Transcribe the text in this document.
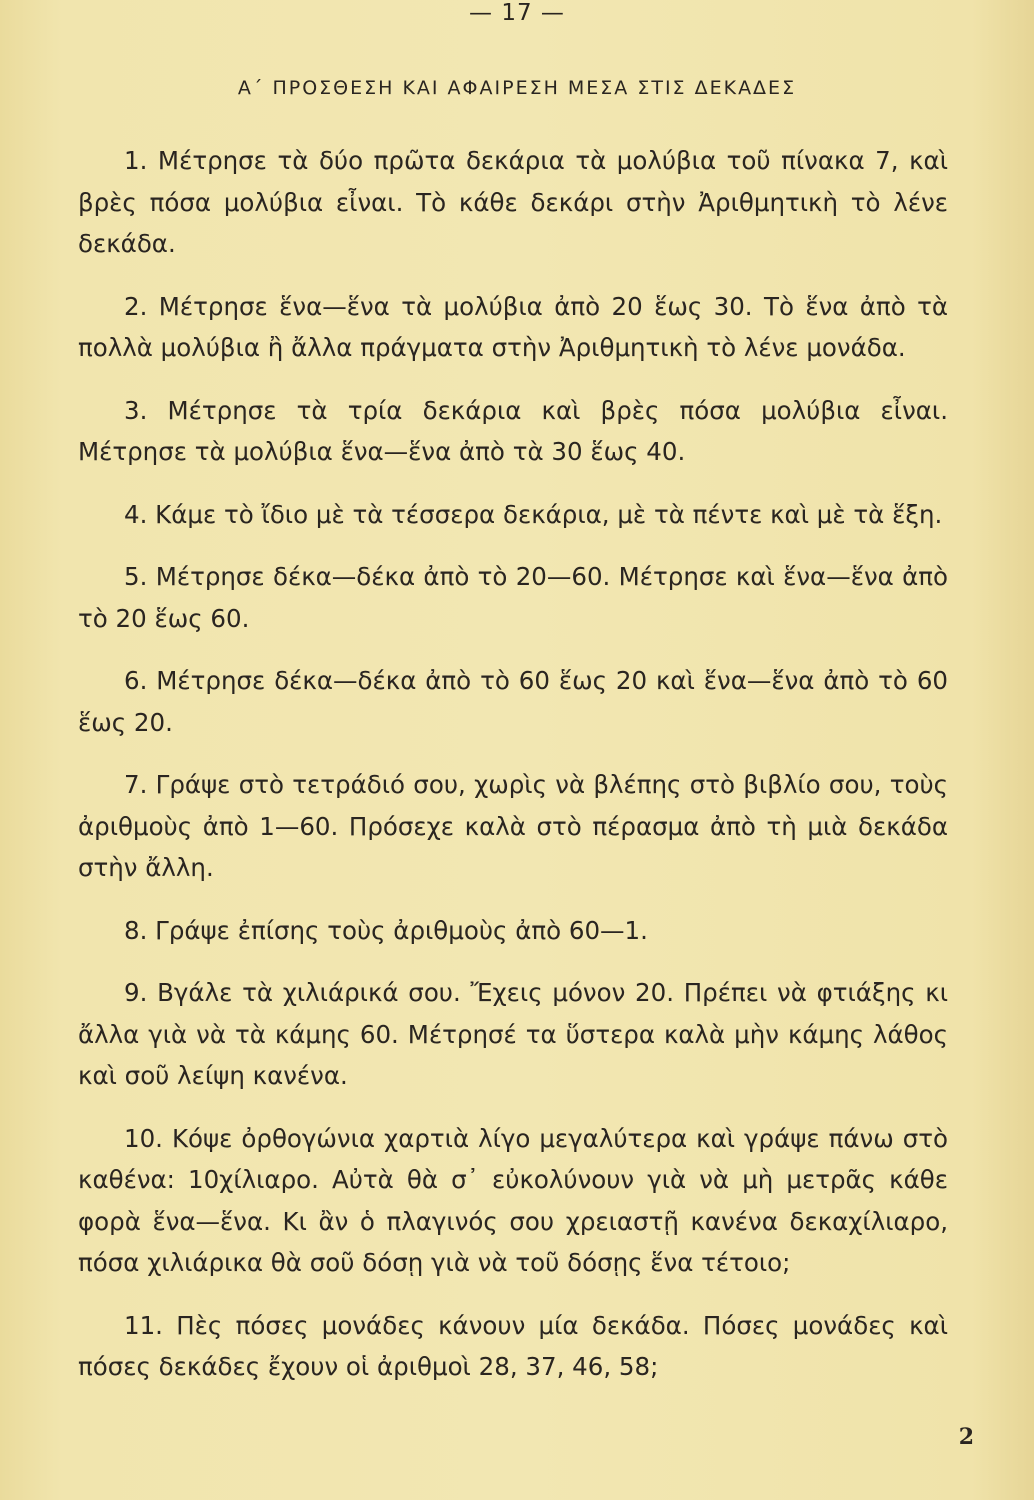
— 17 —
Α΄ ΠΡΟΣΘΕΣΗ ΚΑΙ ΑΦΑΙΡΕΣΗ ΜΕΣΑ ΣΤΙΣ ΔΕΚΑΔΕΣ

1. Μέτρησε τὰ δύο πρῶτα δεκάρια τὰ μολύβια τοῦ πίνακα 7, καὶ βρὲς πόσα μολύβια εἶναι. Τὸ κάθε δεκάρι στὴν Ἀριθμητικὴ τὸ λένε δεκάδα.

2. Μέτρησε ἕνα—ἕνα τὰ μολύβια ἀπὸ 20 ἕως 30. Τὸ ἕνα ἀπὸ τὰ πολλὰ μολύβια ἢ ἄλλα πράγματα στὴν Ἀριθμητικὴ τὸ λένε μονάδα.

3. Μέτρησε τὰ τρία δεκάρια καὶ βρὲς πόσα μολύβια εἶναι. Μέτρησε τὰ μολύβια ἕνα—ἕνα ἀπὸ τὰ 30 ἕως 40.

4. Κάμε τὸ ἴδιο μὲ τὰ τέσσερα δεκάρια, μὲ τὰ πέντε καὶ μὲ τὰ ἕξη.

5. Μέτρησε δέκα—δέκα ἀπὸ τὸ 20—60. Μέτρησε καὶ ἕνα—ἕνα ἀπὸ τὸ 20 ἕως 60.

6. Μέτρησε δέκα—δέκα ἀπὸ τὸ 60 ἕως 20 καὶ ἕνα—ἕνα ἀπὸ τὸ 60 ἕως 20.

7. Γράψε στὸ τετράδιό σου, χωρὶς νὰ βλέπης στὸ βιβλίο σου, τοὺς ἀριθμοὺς ἀπὸ 1—60. Πρόσεχε καλὰ στὸ πέρασμα ἀπὸ τὴ μιὰ δεκάδα στὴν ἄλλη.

8. Γράψε ἐπίσης τοὺς ἀριθμοὺς ἀπὸ 60—1.

9. Βγάλε τὰ χιλιάρικά σου. Ἔχεις μόνον 20. Πρέπει νὰ φτιάξης κι ἄλλα γιὰ νὰ τὰ κάμης 60. Μέτρησέ τα ὕστερα καλὰ μὴν κάμης λάθος καὶ σοῦ λείψη κανένα.

10. Κόψε ὀρθογώνια χαρτιὰ λίγο μεγαλύτερα καὶ γράψε πάνω στὸ καθένα: 10χίλιαρο. Αὐτὰ θὰ σ᾽ εὐκολύνουν γιὰ νὰ μὴ μετρᾶς κάθε φορὰ ἕνα—ἕνα. Κι ἂν ὁ πλαγινός σου χρειαστῇ κανένα δεκαχίλιαρο, πόσα χιλιάρικα θὰ σοῦ δόσῃ γιὰ νὰ τοῦ δόσῃς ἕνα τέτοιο;

11. Πὲς πόσες μονάδες κάνουν μία δεκάδα. Πόσες μονάδες καὶ πόσες δεκάδες ἔχουν οἱ ἀριθμοὶ 28, 37, 46, 58;

2
